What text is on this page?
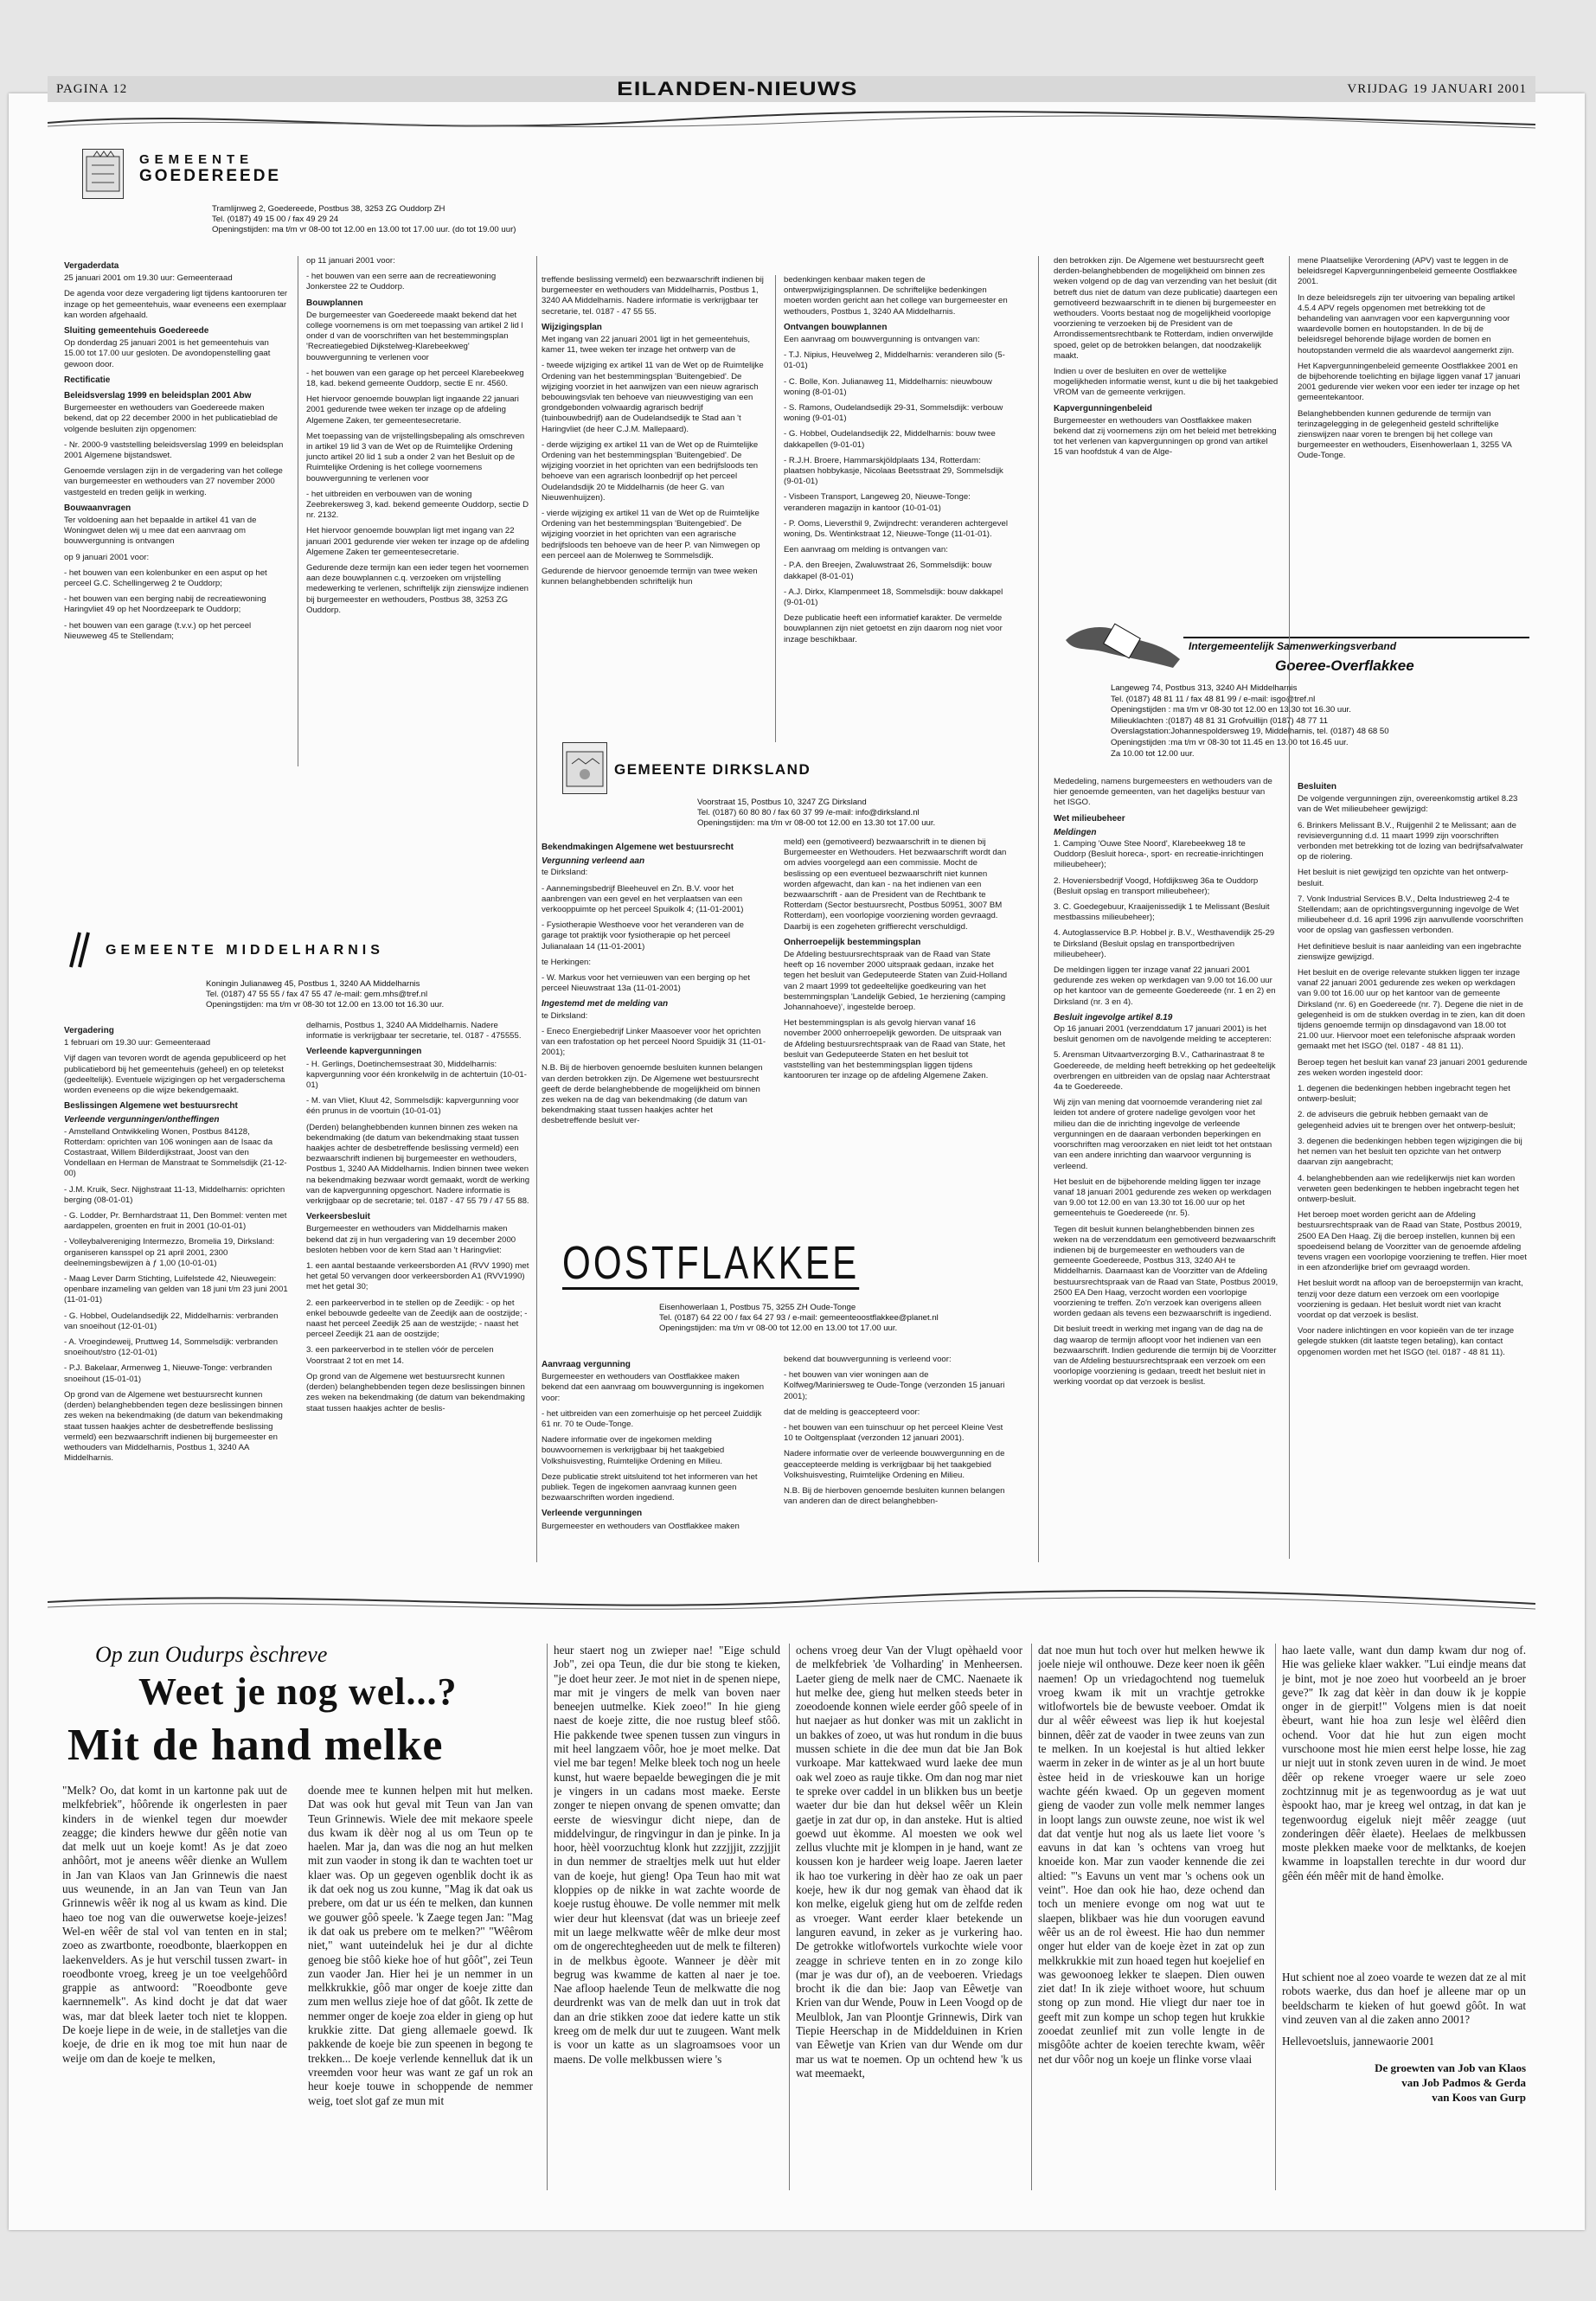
PAGINA 12	EILANDEN-NIEUWS	VRIJDAG 19 JANUARI 2001
GEMEENTE
GOEDEREEDE
Tramlijnweg 2, Goedereede, Postbus 38, 3253 ZG Ouddorp ZH
Tel. (0187) 49 15 00 / fax 49 29 24
Openingstijden: ma t/m vr 08-00 tot 12.00 en 13.00 tot 17.00 uur. (do tot 19.00 uur)
Vergaderdata

25 januari 2001 om 19.30 uur: Gemeenteraad

De agenda voor deze vergadering ligt tijdens kantooruren ter inzage op het gemeentehuis, waar eveneens een exemplaar kan worden afgehaald.

Sluiting gemeentehuis Goedereede

Op donderdag 25 januari 2001 is het gemeentehuis van 15.00 tot 17.00 uur gesloten. De avondopenstelling gaat gewoon door.

Rectificatie
Beleidsverslag 1999 en beleidsplan 2001 Abw

Burgemeester en wethouders van Goedereede maken bekend, dat op 22 december 2000 in het publicatieblad de volgende besluiten zijn opgenomen:

- Nr. 2000-9 vaststelling beleidsverslag 1999 en beleidsplan 2001 Algemene bijstandswet.

Genoemde verslagen zijn in de vergadering van het college van burgemeester en wethouders van 27 november 2000 vastgesteld en treden gelijk in werking.

Bouwaanvragen

Ter voldoening aan het bepaalde in artikel 41 van de Woningwet delen wij u mee dat een aanvraag om bouwvergunning is ontvangen

op 9 januari 2001 voor:

- het bouwen van een kolenbunker en een asput op het perceel G.C. Schellingerweg 2 te Ouddorp;

- het bouwen van een berging nabij de recreatiewoning Haringvliet 49 op het Noordzeepark te Ouddorp;

- het bouwen van een garage (t.v.v.) op het perceel Nieuweweg 45 te Stellendam;

op 11 januari 2001 voor:

- het bouwen van een serre aan de recreatiewoning Jonkerstee 22 te Ouddorp.

Bouwplannen

De burgemeester van Goedereede maakt bekend dat het college voornemens is om met toepassing van artikel 2 lid l onder d van de voorschriften van het bestemmingsplan 'Recreatiegebied Dijkstelweg-Klarebeekweg' bouwvergunning te verlenen voor

- het bouwen van een garage op het perceel Klarebeekweg 18, kad. bekend gemeente Ouddorp, sectie E nr. 4560.

Het hiervoor genoemde bouwplan ligt ingaande 22 januari 2001 gedurende twee weken ter inzage op de afdeling Algemene Zaken, ter gemeentesecretarie.

Met toepassing van de vrijstellingsbepaling als omschreven in artikel 19 lid 3 van de Wet op de Ruimtelijke Ordening juncto artikel 20 lid 1 sub a onder 2 van het Besluit op de Ruimtelijke Ordening is het college voornemens bouwvergunning te verlenen voor

- het uitbreiden en verbouwen van de woning Zeebrekersweg 3, kad. bekend gemeente Ouddorp, sectie D nr. 2132.

Het hiervoor genoemde bouwplan ligt met ingang van 22 januari 2001 gedurende vier weken ter inzage op de afdeling Algemene Zaken ter gemeentesecretarie.

Gedurende deze termijn kan een ieder tegen het voornemen aan deze bouwplannen c.q. verzoeken om vrijstelling medewerking te verlenen, schriftelijk zijn zienswijze indienen bij burgemeester en wethouders, Postbus 38, 3253 ZG Ouddorp.

GEMEENTE MIDDELHARNIS
Koningin Julianaweg 45, Postbus 1, 3240 AA Middelharnis
Tel. (0187) 47 55 55 / fax 47 55 47 /e-mail: gem.mhs@tref.nl
Openingstijden: ma t/m vr 08-30 tot 12.00 en 13.00 tot 16.30 uur.
Vergadering

1 februari om 19.30 uur: Gemeenteraad

Vijf dagen van tevoren wordt de agenda gepubliceerd op het publicatiebord bij het gemeentehuis (geheel) en op teletekst (gedeeltelijk). Eventuele wijzigingen op het vergaderschema worden eveneens op die wijze bekendgemaakt.

Beslissingen Algemene wet bestuursrecht
Verleende vergunningen/ontheffingen

- Amstelland Ontwikkeling Wonen, Postbus 84128, Rotterdam: oprichten van 106 woningen aan de Isaac da Costastraat, Willem Bilderdijkstraat, Joost van den Vondellaan en Herman de Manstraat te Sommelsdijk (21-12-00)

- J.M. Kruik, Secr. Nijghstraat 11-13, Middelharnis: oprichten berging (08-01-01)

- G. Lodder, Pr. Bernhardstraat 11, Den Bommel: venten met aardappelen, groenten en fruit in 2001 (10-01-01)

- Volleybalvereniging Intermezzo, Bromelia 19, Dirksland: organiseren kansspel op 21 april 2001, 2300 deelnemingsbewijzen à ƒ 1,00 (10-01-01)

- Maag Lever Darm Stichting, Luifelstede 42, Nieuwegein: openbare inzameling van gelden van 18 juni t/m 23 juni 2001 (11-01-01)

- G. Hobbel, Oudelandsedijk 22, Middelharnis: verbranden van snoeihout (12-01-01)

- A. Vroegindeweij, Pruttweg 14, Sommelsdijk: verbranden snoeihout/stro (12-01-01)

- P.J. Bakelaar, Armenweg 1, Nieuwe-Tonge: verbranden snoeihout (15-01-01)

Op grond van de Algemene wet bestuursrecht kunnen (derden) belanghebbenden tegen deze beslissingen binnen zes weken na bekendmaking (de datum van bekendmaking staat tussen haakjes achter de desbetreffende beslissing vermeld) een bezwaarschrift indienen bij burgemeester en wethouders van Middelharnis, Postbus 1, 3240 AA Middelharnis.

delharnis, Postbus 1, 3240 AA Middelharnis. Nadere informatie is verkrijgbaar ter secretarie, tel. 0187 - 475555.

Verleende kapvergunningen

- H. Gerlings, Doetinchemsestraat 30, Middelharnis: kapvergunning voor één kronkelwilg in de achtertuin (10-01-01)

- M. van Vliet, Kluut 42, Sommelsdijk: kapvergunning voor één prunus in de voortuin (10-01-01)

(Derden) belanghebbenden kunnen binnen zes weken na bekendmaking (de datum van bekendmaking staat tussen haakjes achter de desbetreffende beslissing vermeld) een bezwaarschrift indienen bij burgemeester en wethouders, Postbus 1, 3240 AA Middelharnis. Indien binnen twee weken na bekendmaking bezwaar wordt gemaakt, wordt de werking van de kapvergunning opgeschort. Nadere informatie is verkrijgbaar op de secretarie; tel. 0187 - 47 55 79 / 47 55 88.

Verkeersbesluit

Burgemeester en wethouders van Middelharnis maken bekend dat zij in hun vergadering van 19 december 2000 besloten hebben voor de kern Stad aan 't Haringvliet:

1. een aantal bestaande verkeersborden A1 (RVV 1990) met het getal 50 vervangen door verkeersborden A1 (RVV1990) met het getal 30;

2. een parkeerverbod in te stellen op de Zeedijk: - op het enkel bebouwde gedeelte van de Zeedijk aan de oostzijde; - naast het perceel Zeedijk 25 aan de westzijde; - naast het perceel Zeedijk 21 aan de oostzijde;

3. een parkeerverbod in te stellen vóór de percelen Voorstraat 2 tot en met 14.

Op grond van de Algemene wet bestuursrecht kunnen (derden) belanghebbenden tegen deze beslissingen binnen zes weken na bekendmaking (de datum van bekendmaking staat tussen haakjes achter de beslis-

treffende beslissing vermeld) een bezwaarschrift indienen bij burgemeester en wethouders van Middelharnis, Postbus 1, 3240 AA Middelharnis. Nadere informatie is verkrijgbaar ter secretarie, tel. 0187 - 47 55 55.

Wijzigingsplan

Met ingang van 22 januari 2001 ligt in het gemeentehuis, kamer 11, twee weken ter inzage het ontwerp van de

- tweede wijziging ex artikel 11 van de Wet op de Ruimtelijke Ordening van het bestemmingsplan 'Buitengebied'. De wijziging voorziet in het aanwijzen van een nieuw agrarisch bebouwingsvlak ten behoeve van nieuwvestiging van een grondgebonden volwaardig agrarisch bedrijf (tuinbouwbedrijf) aan de Oudelandsedijk te Stad aan 't Haringvliet (de heer C.J.M. Mallepaard).

- derde wijziging ex artikel 11 van de Wet op de Ruimtelijke Ordening van het bestemmingsplan 'Buitengebied'. De wijziging voorziet in het oprichten van een bedrijfsloods ten behoeve van een agrarisch loonbedrijf op het perceel Oudelandsdijk 20 te Middelharnis (de heer G. van Nieuwenhuijzen).

- vierde wijziging ex artikel 11 van de Wet op de Ruimtelijke Ordening van het bestemmingsplan 'Buitengebied'. De wijziging voorziet in het oprichten van een agrarische bedrijfsloods ten behoeve van de heer P. van Nimwegen op een perceel aan de Molenweg te Sommelsdijk.

Gedurende de hiervoor genoemde termijn van twee weken kunnen belanghebbenden schriftelijk hun

bedenkingen kenbaar maken tegen de ontwerpwijzigingsplannen. De schriftelijke bedenkingen moeten worden gericht aan het college van burgemeester en wethouders, Postbus 1, 3240 AA Middelharnis.

Ontvangen bouwplannen

Een aanvraag om bouwvergunning is ontvangen van:

- T.J. Nipius, Heuvelweg 2, Middelharnis: veranderen silo (5-01-01)

- C. Bolle, Kon. Julianaweg 11, Middelharnis: nieuwbouw woning (8-01-01)

- S. Ramons, Oudelandsedijk 29-31, Sommelsdijk: verbouw woning (9-01-01)

- G. Hobbel, Oudelandsedijk 22, Middelharnis: bouw twee dakkapellen (9-01-01)

- R.J.H. Broere, Hammarskjöldplaats 134, Rotterdam: plaatsen hobbykasje, Nicolaas Beetsstraat 29, Sommelsdijk (9-01-01)

- Visbeen Transport, Langeweg 20, Nieuwe-Tonge: veranderen magazijn in kantoor (10-01-01)

- P. Ooms, Lieversthil 9, Zwijndrecht: veranderen achtergevel woning, Ds. Wentinkstraat 12, Nieuwe-Tonge (11-01-01).

Een aanvraag om melding is ontvangen van:

- P.A. den Breejen, Zwaluwstraat 26, Sommelsdijk: bouw dakkapel (8-01-01)

- A.J. Dirkx, Klampenmeet 18, Sommelsdijk: bouw dakkapel (9-01-01)

Deze publicatie heeft een informatief karakter. De vermelde bouwplannen zijn niet getoetst en zijn daarom nog niet voor inzage beschikbaar.

GEMEENTE DIRKSLAND
Voorstraat 15, Postbus 10, 3247 ZG Dirksland
Tel. (0187) 60 80 80 / fax 60 37 99 /e-mail: info@dirksland.nl
Openingstijden: ma t/m vr 08-00 tot 12.00 en 13.30 tot 17.00 uur.
Bekendmakingen Algemene wet bestuursrecht
Vergunning verleend aan

te Dirksland:

- Aannemingsbedrijf Bleeheuvel en Zn. B.V. voor het aanbrengen van een gevel en het verplaatsen van een verkooppuimte op het perceel Spuikolk 4; (11-01-2001)

- Fysiotherapie Westhoeve voor het veranderen van de garage tot praktijk voor fysiotherapie op het perceel Julianalaan 14 (11-01-2001)

te Herkingen:

- W. Markus voor het vernieuwen van een berging op het perceel Nieuwstraat 13a (11-01-2001)

Ingestemd met de melding van

te Dirksland:

- Eneco Energiebedrijf Linker Maasoever voor het oprichten van een trafostation op het perceel Noord Spuidijk 31 (11-01-2001);

N.B. Bij de hierboven genoemde besluiten kunnen belangen van derden betrokken zijn. De Algemene wet bestuursrecht geeft de derde belanghebbende de mogelijkheid om binnen zes weken na de dag van bekendmaking (de datum van bekendmaking staat tussen haakjes achter het desbetreffende besluit ver-

meld) een (gemotiveerd) bezwaarschrift in te dienen bij Burgemeester en Wethouders. Het bezwaarschrift wordt dan om advies voorgelegd aan een commissie. Mocht de beslissing op een eventueel bezwaarschrift niet kunnen worden afgewacht, dan kan - na het indienen van een bezwaarschrift - aan de President van de Rechtbank te Rotterdam (Sector bestuursrecht, Postbus 50951, 3007 BM Rotterdam), een voorlopige voorziening worden gevraagd. Daarbij is een zogeheten griffierecht verschuldigd.

Onherroepelijk bestemmingsplan

De Afdeling bestuursrechtspraak van de Raad van State heeft op 16 november 2000 uitspraak gedaan, inzake het tegen het besluit van Gedeputeerde Staten van Zuid-Holland van 2 maart 1999 tot gedeeltelijke goedkeuring van het bestemmingsplan 'Landelijk Gebied, 1e herziening (camping Johannahoeve)', ingestelde beroep.

Het bestemmingsplan is als gevolg hiervan vanaf 16 november 2000 onherroepelijk geworden. De uitspraak van de Afdeling bestuursrechtspraak van de Raad van State, het besluit van Gedeputeerde Staten en het besluit tot vaststelling van het bestemmingsplan liggen tijdens kantooruren ter inzage op de afdeling Algemene Zaken.

OOSTFLAKKEE
Eisenhowerlaan 1, Postbus 75, 3255 ZH Oude-Tonge
Tel. (0187) 64 22 00 / fax 64 27 93 / e-mail: gemeenteoostflakkee@planet.nl
Openingstijden: ma t/m vr 08-00 tot 12.00 en 13.00 tot 17.00 uur.
Aanvraag vergunning

Burgemeester en wethouders van Oostflakkee maken bekend dat een aanvraag om bouwvergunning is ingekomen voor:

- het uitbreiden van een zomerhuisje op het perceel Zuiddijk 61 nr. 70 te Oude-Tonge.

Nadere informatie over de ingekomen melding bouwvoornemen is verkrijgbaar bij het taakgebied Volkshuisvesting, Ruimtelijke Ordening en Milieu.

Deze publicatie strekt uitsluitend tot het informeren van het publiek. Tegen de ingekomen aanvraag kunnen geen bezwaarschriften worden ingediend.

Verleende vergunningen

Burgemeester en wethouders van Oostflakkee maken

bekend dat bouwvergunning is verleend voor:

- het bouwen van vier woningen aan de Kolfweg/Mariniersweg te Oude-Tonge (verzonden 15 januari 2001);

dat de melding is geaccepteerd voor:

- het bouwen van een tuinschuur op het perceel Kleine Vest 10 te Ooltgensplaat (verzonden 12 januari 2001).

Nadere informatie over de verleende bouwvergunning en de geaccepteerde melding is verkrijgbaar bij het taakgebied Volkshuisvesting, Ruimtelijke Ordening en Milieu.

N.B. Bij de hierboven genoemde besluiten kunnen belangen van anderen dan de direct belanghebben-

den betrokken zijn. De Algemene wet bestuursrecht geeft derden-belanghebbenden de mogelijkheid om binnen zes weken volgend op de dag van verzending van het besluit (dit betreft dus niet de datum van deze publicatie) daartegen een gemotiveerd bezwaarschrift in te dienen bij burgemeester en wethouders. Voorts bestaat nog de mogelijkheid voorlopige voorziening te verzoeken bij de President van de Arrondissementsrechtbank te Rotterdam, indien onverwijlde spoed, gelet op de betrokken belangen, dat noodzakelijk maakt.

Indien u over de besluiten en over de wettelijke mogelijkheden informatie wenst, kunt u die bij het taakgebied VROM van de gemeente verkrijgen.

Kapvergunningenbeleid

Burgemeester en wethouders van Oostflakkee maken bekend dat zij voornemens zijn om het beleid met betrekking tot het verlenen van kapvergunningen op grond van artikel 15 van hoofdstuk 4 van de Alge-

mene Plaatselijke Verordening (APV) vast te leggen in de beleidsregel Kapvergunningenbeleid gemeente Oostflakkee 2001.

In deze beleidsregels zijn ter uitvoering van bepaling artikel 4.5.4 APV regels opgenomen met betrekking tot de behandeling van aanvragen voor een kapvergunning voor waardevolle bomen en houtopstanden. In de bij de beleidsregel behorende bijlage worden de bomen en houtopstanden vermeld die als waardevol aangemerkt zijn.

Het Kapvergunningenbeleid gemeente Oostflakkee 2001 en de bijbehorende toelichting en bijlage liggen vanaf 17 januari 2001 gedurende vier weken voor een ieder ter inzage op het gemeentekantoor.

Belanghebbenden kunnen gedurende de termijn van terinzagelegging in de gelegenheid gesteld schriftelijke zienswijzen naar voren te brengen bij het college van burgemeester en wethouders, Eisenhowerlaan 1, 3255 VA Oude-Tonge.

Intergemeentelijk Samenwerkingsverband
Goeree-Overflakkee
Langeweg 74, Postbus 313, 3240 AH Middelharnis
Tel. (0187) 48 81 11 / fax 48 81 99 / e-mail: isgo@tref.nl
Openingstijden : ma t/m vr 08-30 tot 12.00 en 13.30 tot 16.30 uur.
Milieuklachten :(0187) 48 81 31 Grofvuillijn (0187) 48 77 11
Overslagstation:Johannespoldersweg 19, Middelharnis, tel. (0187) 48 68 50
Openingstijden :ma t/m vr 08-30 tot 11.45 en 13.00 tot 16.45 uur.
Za 10.00 tot 12.00 uur.

Mededeling, namens burgemeesters en wethouders van de hier genoemde gemeenten, van het dagelijks bestuur van het ISGO.

Wet milieubeheer
Meldingen

1. Camping 'Ouwe Stee Noord', Klarebeekweg 18 te Ouddorp (Besluit horeca-, sport- en recreatie-inrichtingen milieubeheer);

2. Hoveniersbedrijf Voogd, Hofdijksweg 36a te Ouddorp (Besluit opslag en transport milieubeheer);

3. C. Goedegebuur, Kraaijenissedijk 1 te Melissant (Besluit mestbassins milieubeheer);

4. Autoglasservice B.P. Hobbel jr. B.V., Westhavendijk 25-29 te Dirksland (Besluit opslag en transportbedrijven milieubeheer).

De meldingen liggen ter inzage vanaf 22 januari 2001 gedurende zes weken op werkdagen van 9.00 tot 16.00 uur op het kantoor van de gemeente Goedereede (nr. 1 en 2) en Dirksland (nr. 3 en 4).

Besluit ingevolge artikel 8.19

Op 16 januari 2001 (verzenddatum 17 januari 2001) is het besluit genomen om de navolgende melding te accepteren:

5. Arensman Uitvaartverzorging B.V., Catharinastraat 8 te Goedereede, de melding heeft betrekking op het gedeeltelijk overbrengen en uitbreiden van de opslag naar Achterstraat 4a te Goedereede.

Wij zijn van mening dat voornoemde verandering niet zal leiden tot andere of grotere nadelige gevolgen voor het milieu dan die de inrichting ingevolge de verleende vergunningen en de daaraan verbonden beperkingen en voorschriften mag veroorzaken en niet leidt tot het ontstaan van een andere inrichting dan waarvoor vergunning is verleend.

Het besluit en de bijbehorende melding liggen ter inzage vanaf 18 januari 2001 gedurende zes weken op werkdagen van 9.00 tot 12.00 en van 13.30 tot 16.00 uur op het gemeentehuis te Goedereede (nr. 5).

Tegen dit besluit kunnen belanghebbenden binnen zes weken na de verzenddatum een gemotiveerd bezwaarschrift indienen bij de burgemeester en wethouders van de gemeente Goedereede, Postbus 313, 3240 AH te Middelharnis. Daarnaast kan de Voorzitter van de Afdeling bestuursrechtspraak van de Raad van State, Postbus 20019, 2500 EA Den Haag, verzocht worden een voorlopige voorziening te treffen. Zo'n verzoek kan overigens alleen worden gedaan als tevens een bezwaarschrift is ingediend.

Dit besluit treedt in werking met ingang van de dag na de dag waarop de termijn afloopt voor het indienen van een bezwaarschrift. Indien gedurende die termijn bij de Voorzitter van de Afdeling bestuursrechtspraak een verzoek om een voorlopige voorziening is gedaan, treedt het besluit niet in werking voordat op dat verzoek is beslist.

Besluiten

De volgende vergunningen zijn, overeenkomstig artikel 8.23 van de Wet milieubeheer gewijzigd:

6. Brinkers Melissant B.V., Ruijgenhil 2 te Melissant; aan de revisievergunning d.d. 11 maart 1999 zijn voorschriften verbonden met betrekking tot de lozing van bedrijfsafvalwater op de riolering.

Het besluit is niet gewijzigd ten opzichte van het ontwerp-besluit.

7. Vonk Industrial Services B.V., Delta Industrieweg 2-4 te Stellendam; aan de oprichtingsvergunning ingevolge de Wet milieubeheer d.d. 16 april 1996 zijn aanvullende voorschriften voor de opslag van gasflessen verbonden.

Het definitieve besluit is naar aanleiding van een ingebrachte zienswijze gewijzigd.

Het besluit en de overige relevante stukken liggen ter inzage vanaf 22 januari 2001 gedurende zes weken op werkdagen van 9.00 tot 16.00 uur op het kantoor van de gemeente Dirksland (nr. 6) en Goedereede (nr. 7). Degene die niet in de gelegenheid is om de stukken overdag in te zien, kan dit doen tijdens genoemde termijn op dinsdagavond van 18.00 tot 21.00 uur. Hiervoor moet een telefonische afspraak worden gemaakt met het ISGO (tel. 0187 - 48 81 11).

Beroep tegen het besluit kan vanaf 23 januari 2001 gedurende zes weken worden ingesteld door:

1. degenen die bedenkingen hebben ingebracht tegen het ontwerp-besluit;

2. de adviseurs die gebruik hebben gemaakt van de gelegenheid advies uit te brengen over het ontwerp-besluit;

3. degenen die bedenkingen hebben tegen wijzigingen die bij het nemen van het besluit ten opzichte van het ontwerp daarvan zijn aangebracht;

4. belanghebbenden aan wie redelijkerwijs niet kan worden verweten geen bedenkingen te hebben ingebracht tegen het ontwerp-besluit.

Het beroep moet worden gericht aan de Afdeling bestuursrechtspraak van de Raad van State, Postbus 20019, 2500 EA Den Haag. Zij die beroep instellen, kunnen bij een spoedeisend belang de Voorzitter van de genoemde afdeling tevens vragen een voorlopige voorziening te treffen. Hier moet in een afzonderlijke brief om gevraagd worden.

Het besluit wordt na afloop van de beroepstermijn van kracht, tenzij voor deze datum een verzoek om een voorlopige voorziening is gedaan. Het besluit wordt niet van kracht voordat op dat verzoek is beslist.

Voor nadere inlichtingen en voor kopieën van de ter inzage gelegde stukken (dit laatste tegen betaling), kan contact opgenomen worden met het ISGO (tel. 0187 - 48 81 11).

Op zun Oudurps èschreve
Weet je nog wel...?
Mit de hand melke
"Melk? Oo, dat komt in un kartonne pak uut de melkfebriek", hôôrende ik ongerlesten in paer kinders in de wienkel tegen dur moewder zeagge; die kinders hewwe dur gêên notie van dat melk uut un koeje komt! As je dat zoeo anhôôrt, mot je aneens wêêr dienke an Wullem in Jan van Klaos van Jan Grinnewis die naest uus weunende, in an Jan van Teun van Jan Grinnewis wêêr ik nog al us kwam as kind. Die haeo toe nog van die ouwerwetse koeje-jeizes! Wel-en wêêr de stal vol van tenten en in stal; zoeo as zwartbonte, roeodbonte, blaerkoppen en laekenvelders. As je hut verschil tussen zwart- in roeodbonte vroeg, kreeg je un toe veelgehôôrd grappie as antwoord: "Roeodbonte geve kaernnemelk". As kind docht je dat dat waer was, mar dat bleek laeter toch niet te kloppen. De koeje liepe in de weie, in de stalletjes van die koeje, de drie en ik mog toe mit hun naar de weije om dan de koeje te melken,
doende mee te kunnen helpen mit hut melken. Dat was ook hut geval mit Teun van Jan van Teun Grinnewis. Wiele dee mit mekaore speele dus kwam ik dèèr nog al us om Teun op te haelen. Mar ja, dan was die nog an hut melken mit zun vaoder in stong ik dan te wachten toet ur klaer was. Op un gegeven ogenblik docht ik as ik dat oek nog us zou kunne, "Mag ik dat oak us prebere, om dat ur us één te melken, dan kunnen we gouwer gôô speele. 'k Zaege tegen Jan: "Mag ik dat oak us prebere om te melken?" "Wêêrom niet," want uuteindeluk hei je dur al dichte genoeg bie stôô kieke hoe of hut gôôt", zei Teun zun vaoder Jan. Hier hei je un nemmer in un melkkrukkie, gôô mar onger de koeje zitte dan zum men wellus zieje hoe of dat gôôt. Ik zette de nemmer onger de koeje zoa elder in gieng op hut krukkie zitte. Dat gieng allemaele goewd. Ik pakkende de koeje bie zun speenen in begong te trekken... De koeje verlende kennelluk dat ik un vreemden voor heur was want ze gaf un rok an heur koeje touwe in schoppende de nemmer weig, toet slot gaf ze mun mit
heur staert nog un zwieper nae! "Eige schuld Job", zei opa Teun, die dur bie stong te kieken, "je doet heur zeer. Je mot niet in de spenen niepe, mar mit je vingers de melk van boven naer beneejen uutmelke. Kiek zoeo!" In hie gieng naest de koeje zitte, die noe rustug bleef stôô. Hie pakkende twee spenen tussen zun vingurs in mit heel langzaem vôôr, hoe je moet melke. Dat viel me bar tegen! Melke bleek toch nog un heele kunst, hut waere bepaelde bewegingen die je mit je vingers in un cadans most maeke. Eerste zonger te niepen onvang de spenen omvatte; dan eerste de wiesvingur dicht niepe, dan de middelvingur, de ringvingur in dan je pinke. In ja hoor, hèèl voorzuchtug klonk hut zzzjjjit, zzzjjjit in dun nemmer de straeltjes melk uut hut elder van de koeje, hut gieng! Opa Teun hao mit wat kloppies op de nikke in wat zachte woorde de koeje rustug èhouwe. De volle nemmer mit melk wier deur hut kleensvat (dat was un brieeje zeef mit un laege melkwatte wêêr de mlke deur most om de ongerechtegheeden uut de melk te filteren) in de melkbus ègoote. Wanneer je dèèr mit begrug was kwamme de katten al naer je toe. Nae afloop haelende Teun de melkwatte die nog deurdrenkt was van de melk dan uut in trok dat dan an drie stikken zooe dat iedere katte un stik kreeg om de melk dur uut te zuugeen. Want melk is voor un katte as un slagroamsoes voor un maens. De volle melkbussen wiere 's
ochens vroeg deur Van der Vlugt opèhaeld voor de melkfebriek 'de Volharding' in Menheersen. Laeter gieng de melk naer de CMC. Naenaete ik hut melke dee, gieng hut melken steeds beter in zoeodoende konnen wiele eerder gôô speele of in hut naejaer as hut donker was mit un zaklicht in un bakkes of zoeo, ut was hut rondum in die buus mussen schiete in die dee mun dat bie Jan Bok vurkoape. Mar kattekwaed wurd laeke dee mun oak wel zoeo as rauje tikke. Om dan nog mar niet te spreke over caddel in un blikken bus un beetje waeter dur bie dan hut deksel wêêr un Klein gaetje in zat dur op, in dan ansteke. Hut is altied goewd uut èkomme. Al moesten we ook wel zellus vluchte mit je klompen in je hand, want ze koussen kon je hardeer weig loape. Jaeren laeter ik hao toe vurkering in dèèr hao ze oak un paer koeje, hew ik dur nog gemak van èhaod dat ik kon melke, eigeluk gieng hut om de zelfde reden as vroeger. Want eerder klaer betekende un languren eavund, in zeker as je vurkering hao. De getrokke witlofwortels vurkochte wiele voor zeagge in schrieve tenten en in zo zonge kilo (mar je was dur of), an de veeboeren. Vriedags brocht ik die dan bie: Jaop van Eêwetje van Krien van dur Wende, Pouw in Leen Voogd op de Meulblok, Jan van Ploontje Grinnewis, Dirk van Tiepie Heerschap in de Middelduinen in Krien van Eêwetje van Krien van dur Wende om dur mar us wat te noemen. Op un ochtend hew 'k us wat meemaekt,
dat noe mun hut toch over hut melken hewwe ik joele nieje wil onthouwe. Deze keer noen ik gêên naemen! Op un vriedagochtend nog tuemeluk vroeg kwam ik mit un vrachtje getrokke witlofwortels bie de bewuste veeboer. Omdat ik dur al wêêr eêweest was liep ik hut koejestal binnen, dêêr zat de vaoder in twee zeuns van zun te melken. In un koejestal is hut altied lekker waerm in zeker in de winter as je al un hort buute èstee heid in de vrieskouwe kan un horige wachte géén kwaed. Op un gegeven moment gieng de vaoder zun volle melk nemmer langes in loopt langs zun ouwste zeune, noe wist ik wel dat dat ventje hut nog als us laete liet voore 's eavuns in dat kan 's ochtens van vroeg hut knoeide kon. Mar zun vaoder kennende die zei altied: "'s Eavuns un vent mar 's ochens ook un veint". Hoe dan ook hie hao, deze ochend dan toch un meniere evonge om nog wat uut te slaepen, blikbaer was hie dun voorugen eavund wêêr us an de rol èweest. Hie hao dun nemmer onger hut elder van de koeje èzet in zat op zun melkkrukkie mit zun hoaed tegen hut koejelief en was gewoonoeg lekker te slaepen. Dien ouwen ziet dat! In ik zieje withoet woore, hut schuum stong op zun mond. Hie vliegt dur naer toe in geeft mit zun kompe un schop tegen hut krukkie zooedat zeunlief mit zun volle lengte in de misgôôte achter de koeien terechte kwam, wêêr net dur vôôr nog un koeje un flinke vorse vlaai
hao laete valle, want dun damp kwam dur nog of. Hie was gelieke klaer wakker. "Lui eindje means dat je bint, mot je noe zoeo hut voorbeeld an je broer geve?" Ik zag dat kèèr in dan douw ik je koppie onger in de gierpit!" Volgens mien is dat noeit èbeurt, want hie hoa zun lesje wel èlêêrd dien ochend. Voor dat hie hut zun eigen mocht vurschoone most hie mien eerst helpe losse, hie zag ur niejt uut in stonk zeven uuren in de wind. Je moet dêêr op rekene vroeger waere ur sele zoeo zochtzinnug mit je as tegenwoordug as je wat uut èspookt hao, mar je kreeg wel ontzag, in dat kan je tegenwoordug eigeluk niejt mêêr zeagge (uut zonderingen dêêr èlaete). Heelaes de melkbussen moste plekken maeke voor de melktanks, de koejen kwamme in loapstallen terechte in dur woord dur gêên één mêêr mit de hand èmolke.
Hut schient noe al zoeo voarde te wezen dat ze al mit robots waerke, dus dan hoef je alleene mar op un beeldscharm te kieken of hut goewd gôôt. In wat vind zeuven van al die zaken anno 2001?
Hellevoetsluis, jannewaorie 2001
De groewten van Job van Klaos
van Job Padmos & Gerda
van Koos van Gurp
